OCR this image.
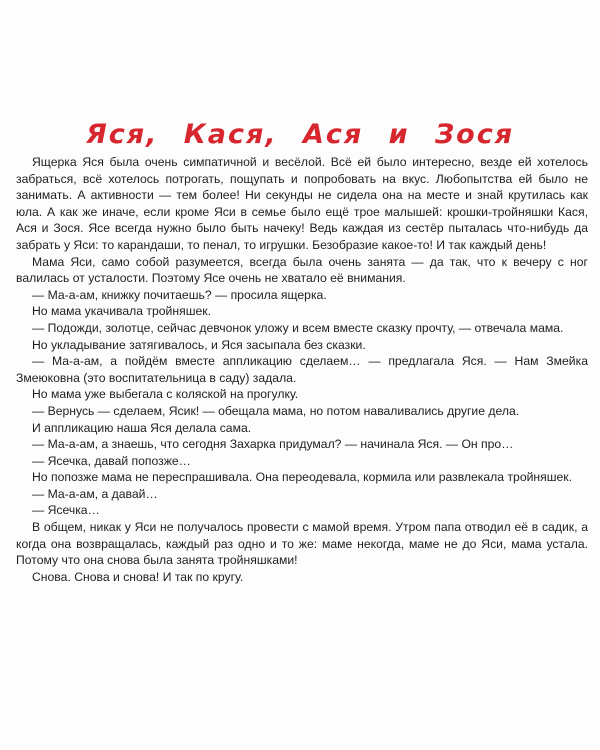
Яся, Кася, Ася и Зося

Ящерка Яся была очень симпатичной и весёлой. Всё ей было интересно, везде ей хотелось забраться, всё хотелось потрогать, пощупать и попробовать на вкус. Любопытства ей было не занимать. А активности — тем более! Ни секунды не сидела она на месте и знай крутилась как юла. А как же иначе, если кроме Яси в семье было ещё трое малышей: крошки-тройняшки Кася, Ася и Зося. Ясе всегда нужно было быть начеку! Ведь каждая из сестёр пыталась что-нибудь да забрать у Яси: то карандаши, то пенал, то игрушки. Безобразие какое-то! И так каждый день!

Мама Яси, само собой разумеется, всегда была очень занята — да так, что к вечеру с ног валилась от усталости. Поэтому Ясе очень не хватало её внимания.

— Ма-а-ам, книжку почитаешь? — просила ящерка.

Но мама укачивала тройняшек.

— Подожди, золотце, сейчас девчонок уложу и всем вместе сказку прочту, — отвечала мама.

Но укладывание затягивалось, и Яся засыпала без сказки.

— Ма-а-ам, а пойдём вместе аппликацию сделаем… — предлагала Яся. — Нам Змейка Змеюковна (это воспитательница в саду) задала.

Но мама уже выбегала с коляской на прогулку.

— Вернусь — сделаем, Ясик! — обещала мама, но потом наваливались другие дела.

И аппликацию наша Яся делала сама.

— Ма-а-ам, а знаешь, что сегодня Захарка придумал? — начинала Яся. — Он про…

— Ясечка, давай попозже…

Но попозже мама не переспрашивала. Она переодевала, кормила или развлекала тройняшек.

— Ма-а-ам, а давай…

— Ясечка…

В общем, никак у Яси не получалось провести с мамой время. Утром папа отводил её в садик, а когда она возвращалась, каждый раз одно и то же: маме некогда, маме не до Яси, мама устала. Потому что она снова была занята тройняшками!

Снова. Снова и снова! И так по кругу.
